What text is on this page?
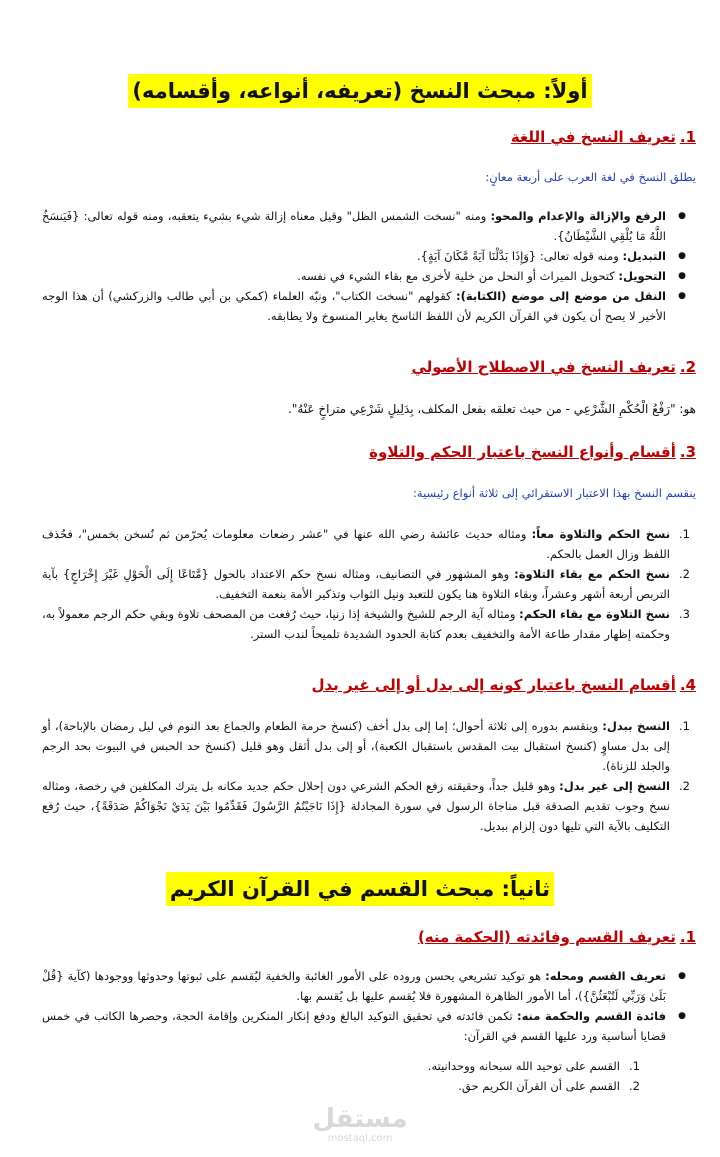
أولاً: مبحث النسخ (تعريفه، أنواعه، وأقسامه)
1.تعريف النسخ في اللغة
يطلق النسخ في لغة العرب على أربعة معانٍ:
● الرفع والإزالة والإعدام والمحو: ومنه "نسخت الشمس الظل" وقيل معناه إزالة شيء بشيء يتعقبه، ومنه قوله تعالى: {فَيَنسَخُ اللَّهُ مَا يُلْقِي الشَّيْطَانُ}.
● التبديل: ومنه قوله تعالى: {وَإِذَا بَدَّلْنَا آيَةً مَّكَانَ آيَةٍ}.
● التحويل: كتحويل الميراث أو النحل من خلية لأخرى مع بقاء الشيء في نفسه.
● النقل من موضع إلى موضع (الكتابة): كقولهم "نسخت الكتاب"، ونبّه العلماء (كمكي بن أبي طالب والزركشي) أن هذا الوجه الأخير لا يصح أن يكون في القرآن الكريم لأن اللفظ الناسخ يغاير المنسوخ ولا يطابقه.
2.تعريف النسخ في الاصطلاح الأصولي
هو: "رَفْعُ الْحُكْمِ الشَّرْعِي - من حيث تعلقه بفعل المكلف، بِدَلِيلٍ شَرْعِي متراخٍ عَنْهُ".
3.أقسام وأنواع النسخ باعتبار الحكم والتلاوة
ينقسم النسخ بهذا الاعتبار الاستقرائي إلى ثلاثة أنواع رئيسية:
1.
نسخ الحكم والتلاوة معاً: ومثاله حديث عائشة رضي الله عنها في "عشر رضعات معلومات يُحرّمن ثم نُسخن بخمس"، فحُذف اللفظ وزال العمل بالحكم.
2.
نسخ الحكم مع بقاء التلاوة: وهو المشهور في التصانيف، ومثاله نسخ حكم الاعتداد بالحول {مَّتَاعًا إِلَى الْحَوْلِ غَيْرَ إِخْرَاجٍ} بآية التربص أربعة أشهر وعشراً، وبقاء التلاوة هنا يكون للتعبد ونيل الثواب وتذكير الأمة بنعمة التخفيف.
3.
نسخ التلاوة مع بقاء الحكم: ومثاله آية الرجم للشيخ والشيخة إذا زنيا، حيث رُفعت من المصحف تلاوة وبقي حكم الرجم معمولاً به، وحكمته إظهار مقدار طاعة الأمة والتخفيف بعدم كتابة الحدود الشديدة تلميحاً لندب الستر.
4.أقسام النسخ باعتبار كونه إلى بدل أو إلى غير بدل
1.
النسخ ببدل: وينقسم بدوره إلى ثلاثة أحوال؛ إما إلى بدل أخف (كنسخ حرمة الطعام والجماع بعد النوم في ليل رمضان بالإباحة)، أو إلى بدل مساوٍ (كنسخ استقبال بيت المقدس باستقبال الكعبة)، أو إلى بدل أثقل وهو قليل (كنسخ حد الحبس في البيوت بحد الرجم والجلد للزناة).
2.
النسخ إلى غير بدل: وهو قليل جداً، وحقيقته رفع الحكم الشرعي دون إحلال حكم جديد مكانه بل يترك المكلفين في رخصة، ومثاله نسخ وجوب تقديم الصدقة قبل مناجاة الرسول في سورة المجادلة {إِذَا نَاجَيْتُمُ الرَّسُولَ فَقَدِّمُوا بَيْنَ يَدَيْ نَجْوَاكُمْ صَدَقَةً}، حيث رُفع التكليف بالآية التي تليها دون إلزام ببديل.
ثانياً: مبحث القسم في القرآن الكريم
1.تعريف القسم وفائدته (الحكمة منه)
● تعريف القسم ومحله: هو توكيد تشريعي يحسن وروده على الأمور الغائبة والخفية ليُقسم على ثبوتها وحدوثها ووجودها (كآية {قُلْ بَلَىٰ وَرَبِّي لَتُبْعَثُنَّ})، أما الأمور الظاهرة المشهورة فلا يُقسم عليها بل يُقسم بها.
● فائدة القسم والحكمة منه: تكمن فائدته في تحقيق التوكيد البالغ ودفع إنكار المنكرين وإقامة الحجة، وحصرها الكاتب في خمس قضايا أساسية ورد عليها القسم في القرآن:
1.
القسم على توحيد الله سبحانه ووحدانيته.
2.
القسم على أن القرآن الكريم حق.
مستقل
mostaql.com
